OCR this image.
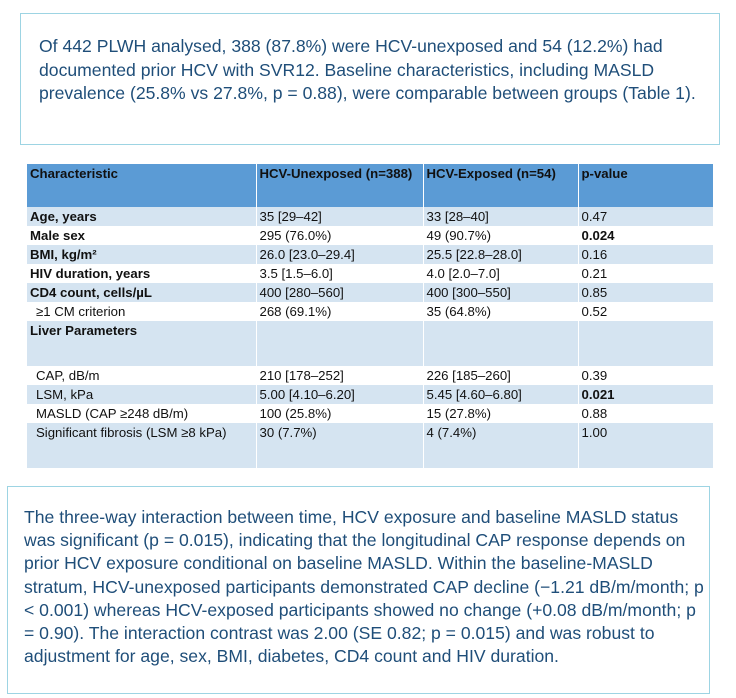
Of 442 PLWH analysed, 388 (87.8%) were HCV-unexposed and 54 (12.2%) had documented prior HCV with SVR12. Baseline characteristics, including MASLD prevalence (25.8% vs 27.8%, p = 0.88), were comparable between groups (Table 1).

Characteristic	HCV-Unexposed (n=388)	HCV-Exposed (n=54)	p-value
Age, years	35 [29–42]	33 [28–40]	0.47
Male sex	295 (76.0%)	49 (90.7%)	0.024
BMI, kg/m²	26.0 [23.0–29.4]	25.5 [22.8–28.0]	0.16
HIV duration, years	3.5 [1.5–6.0]	4.0 [2.0–7.0]	0.21
CD4 count, cells/µL	400 [280–560]	400 [300–550]	0.85
≥1 CM criterion	268 (69.1%)	35 (64.8%)	0.52
Liver Parameters			

CAP, dB/m	210 [178–252]	226 [185–260]	0.39
LSM, kPa	5.00 [4.10–6.20]	5.45 [4.60–6.80]	0.021
MASLD (CAP ≥248 dB/m)	100 (25.8%)	15 (27.8%)	0.88
Significant fibrosis (LSM ≥8 kPa)	30 (7.7%)	4 (7.4%)	1.00

The three-way interaction between time, HCV exposure and baseline MASLD status was significant (p = 0.015), indicating that the longitudinal CAP response depends on prior HCV exposure conditional on baseline MASLD. Within the baseline-MASLD stratum, HCV-unexposed participants demonstrated CAP decline (−1.21 dB/m/month; p < 0.001) whereas HCV-exposed participants showed no change (+0.08 dB/m/month; p = 0.90). The interaction contrast was 2.00 (SE 0.82; p = 0.015) and was robust to adjustment for age, sex, BMI, diabetes, CD4 count and HIV duration.
